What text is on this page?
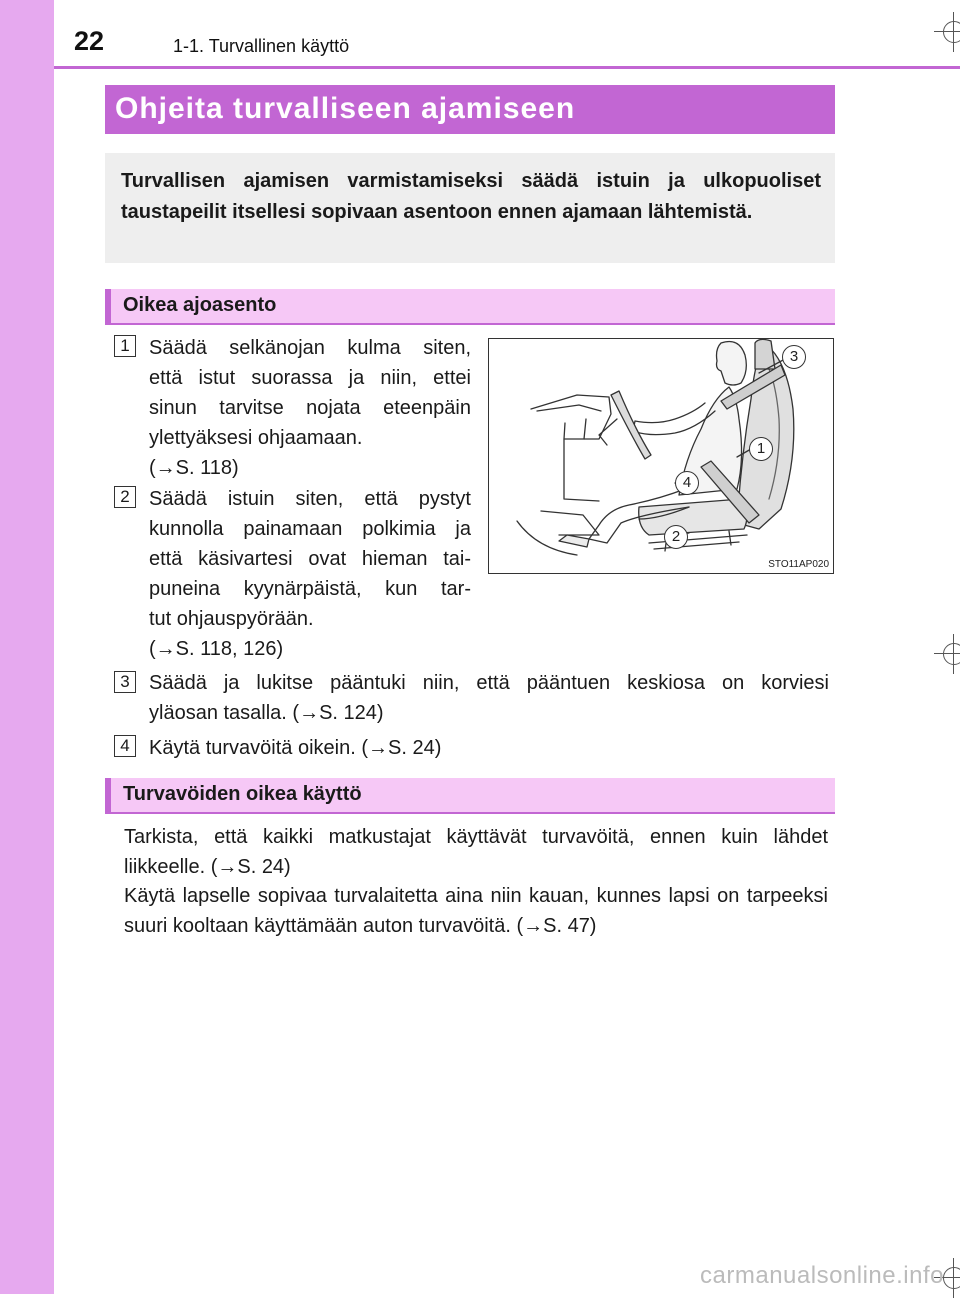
22	1-1. Turvallinen käyttö
Ohjeita turvalliseen ajamiseen
Turvallisen ajamisen varmistamiseksi säädä istuin ja ulkopuoliset taustapeilit itsellesi sopivaan asentoon ennen ajamaan lähtemistä.
Oikea ajoasento
1 Säädä selkänojan kulma siten,
että istut suorassa ja niin, ettei
sinun tarvitse nojata eteenpäin
ylettyäksesi ohjaamaan.
(→S. 118)
2 Säädä istuin siten, että pystyt
kunnolla painamaan polkimia ja
että käsivartesi ovat hieman tai-
puneina kyynärpäistä, kun tar-
tut ohjauspyörään.
(→S. 118, 126)
3
1
4
2
STO11AP020
3 Säädä ja lukitse pääntuki niin, että pääntuen keskiosa on korviesi
yläosan tasalla. (→S. 124)
4 Käytä turvavöitä oikein. (→S. 24)
Turvavöiden oikea käyttö
Tarkista, että kaikki matkustajat käyttävät turvavöitä, ennen kuin lähdet liikkeelle. (→S. 24)
Käytä lapselle sopivaa turvalaitetta aina niin kauan, kunnes lapsi on tarpeeksi suuri kooltaan käyttämään auton turvavöitä. (→S. 47)
carmanualsonline.info
